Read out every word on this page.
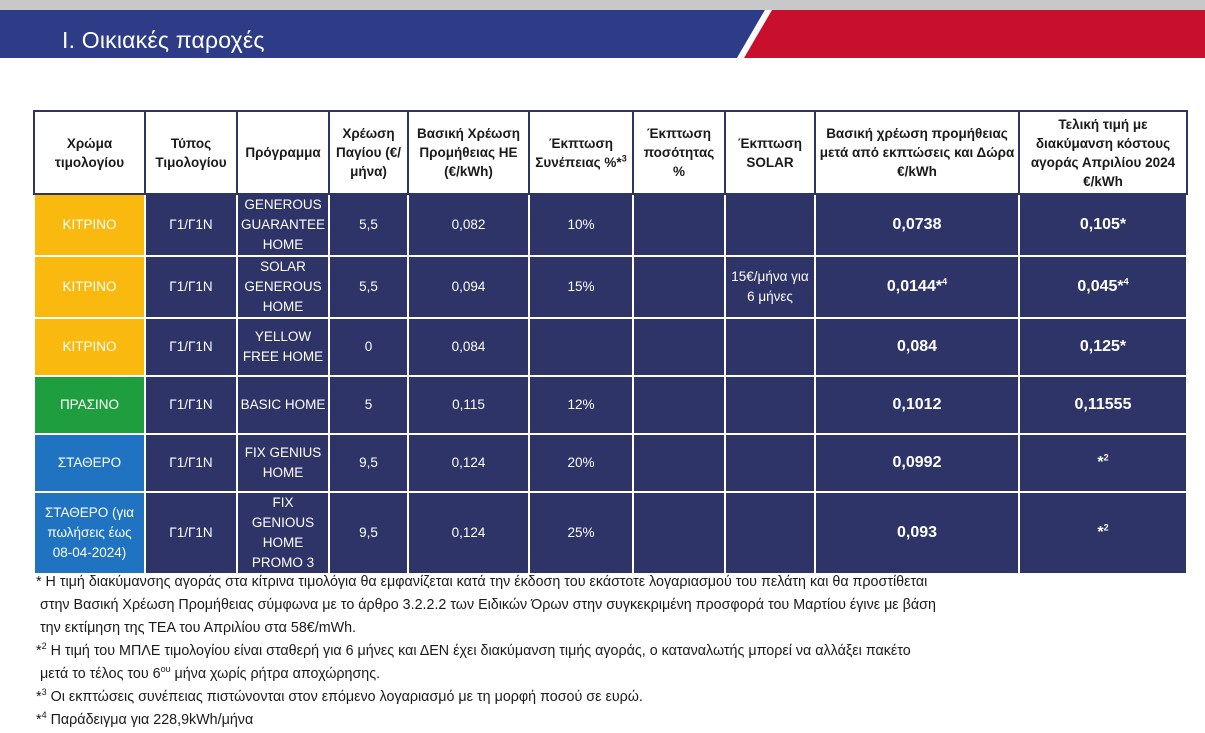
I. Οικιακές παροχές
Χρώμα τιμολογίου	Τύπος Τιμολογίου	Πρόγραμμα	Χρέωση Παγίου (€/μήνα)	Βασική Χρέωση Προμήθειας ΗΕ (€/kWh)	Έκπτωση Συνέπειας %*$^3$	Έκπτωση ποσότητας %	Έκπτωση SOLAR	Βασική χρέωση προμήθειας μετά από εκπτώσεις και Δώρα €/kWh	Τελική τιμή με διακύμανση κόστους αγοράς Απριλίου 2024 €/kWh
ΚΙΤΡΙΝΟ	Γ1/Γ1Ν	GENEROUS GUARANTEE HOME	5,5	0,082	10%			0,0738	0,105*
ΚΙΤΡΙΝΟ	Γ1/Γ1Ν	SOLAR GENEROUS HOME	5,5	0,094	15%		15€/μήνα για 6 μήνες	0,0144*$^4$	0,045*$^4$
ΚΙΤΡΙΝΟ	Γ1/Γ1Ν	YELLOW FREE HOME	0	0,084				0,084	0,125*
ΠΡΑΣΙΝΟ	Γ1/Γ1Ν	BASIC HOME	5	0,115	12%			0,1012	0,11555
ΣΤΑΘΕΡΟ	Γ1/Γ1Ν	FIX GENIUS HOME	9,5	0,124	20%			0,0992	*$^2$
ΣΤΑΘΕΡΟ (για πωλήσεις έως 08-04-2024)	Γ1/Γ1Ν	FIX GENIOUS HOME PROMO 3	9,5	0,124	25%			0,093	*$^2$

* Η τιμή διακύμανσης αγοράς στα κίτρινα τιμολόγια θα εμφανίζεται κατά την έκδοση του εκάστοτε λογαριασμού του πελάτη και θα προστίθεται

στην Βασική Χρέωση Προμήθειας σύμφωνα με το άρθρο 3.2.2.2 των Ειδικών Όρων στην συγκεκριμένη προσφορά του Μαρτίου έγινε με βάση

την εκτίμηση της ΤΕΑ του Απριλίου στα 58€/mWh.

*$^2$ Η τιμή του ΜΠΛΕ τιμολογίου είναι σταθερή για 6 μήνες και ΔΕΝ έχει διακύμανση τιμής αγοράς, ο καταναλωτής μπορεί να αλλάξει πακέτο

μετά το τέλος του $6^{o\upsilon}$ μήνα χωρίς ρήτρα αποχώρησης.

*$^3$ Οι εκπτώσεις συνέπειας πιστώνονται στον επόμενο λογαριασμό με τη μορφή ποσού σε ευρώ.

*$^4$ Παράδειγμα για 228,9kWh/μήνα
